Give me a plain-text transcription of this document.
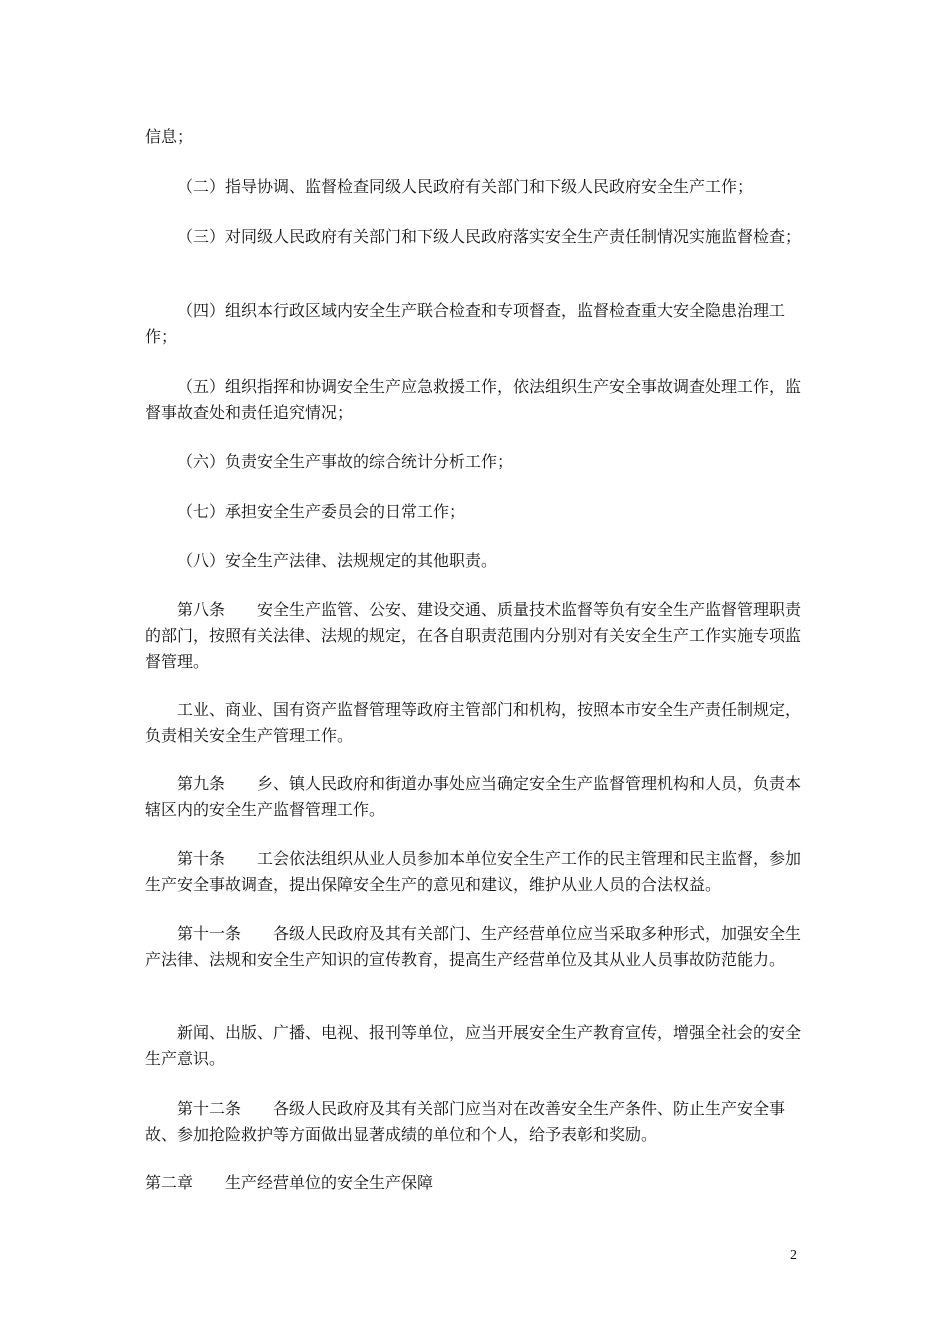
信息；
（二）指导协调、监督检查同级人民政府有关部门和下级人民政府安全生产工作；
（三）对同级人民政府有关部门和下级人民政府落实安全生产责任制情况实施监督检查；
（四）组织本行政区域内安全生产联合检查和专项督查，监督检查重大安全隐患治理工作；
（五）组织指挥和协调安全生产应急救援工作，依法组织生产安全事故调查处理工作，监督事故查处和责任追究情况；
（六）负责安全生产事故的综合统计分析工作；
（七）承担安全生产委员会的日常工作；
（八）安全生产法律、法规规定的其他职责。
第八条　　安全生产监管、公安、建设交通、质量技术监督等负有安全生产监督管理职责的部门，按照有关法律、法规的规定，在各自职责范围内分别对有关安全生产工作实施专项监督管理。
工业、商业、国有资产监督管理等政府主管部门和机构，按照本市安全生产责任制规定，负责相关安全生产管理工作。
第九条　　乡、镇人民政府和街道办事处应当确定安全生产监督管理机构和人员，负责本辖区内的安全生产监督管理工作。
第十条　　工会依法组织从业人员参加本单位安全生产工作的民主管理和民主监督，参加生产安全事故调查，提出保障安全生产的意见和建议，维护从业人员的合法权益。
第十一条　　各级人民政府及其有关部门、生产经营单位应当采取多种形式，加强安全生产法律、法规和安全生产知识的宣传教育，提高生产经营单位及其从业人员事故防范能力。
新闻、出版、广播、电视、报刊等单位，应当开展安全生产教育宣传，增强全社会的安全生产意识。
第十二条　　各级人民政府及其有关部门应当对在改善安全生产条件、防止生产安全事故、参加抢险救护等方面做出显著成绩的单位和个人，给予表彰和奖励。
第二章　　生产经营单位的安全生产保障
2
